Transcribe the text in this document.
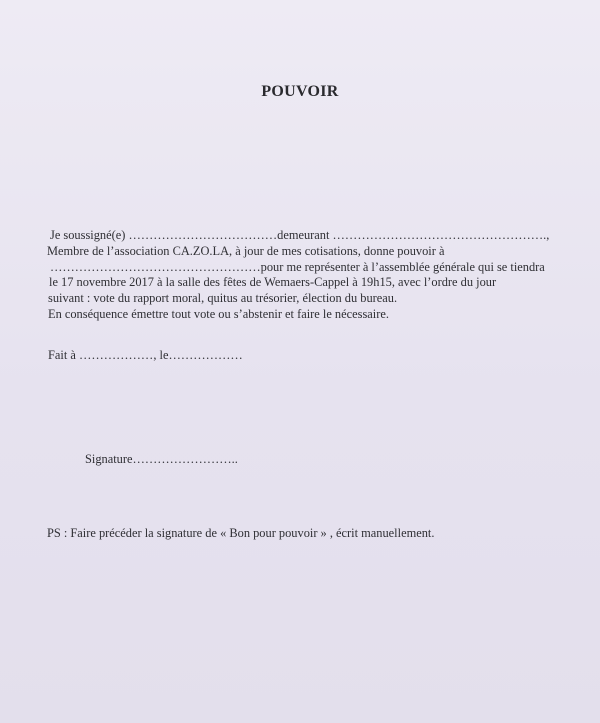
POUVOIR
Je soussigné(e) ………………………………demeurant …………………………………………….,
Membre de l’association CA.ZO.LA, à jour de mes cotisations, donne pouvoir à
……………………………………………pour me représenter à l’assemblée générale qui se tiendra
le 17 novembre 2017 à la salle des fêtes de Wemaers-Cappel à 19h15, avec l’ordre du jour
suivant : vote du rapport moral, quitus au trésorier, élection du bureau.
En conséquence émettre tout vote ou s’abstenir et faire le nécessaire.
Fait à ………………, le………………
Signature……………………..
PS : Faire précéder la signature de « Bon pour pouvoir » , écrit manuellement.
